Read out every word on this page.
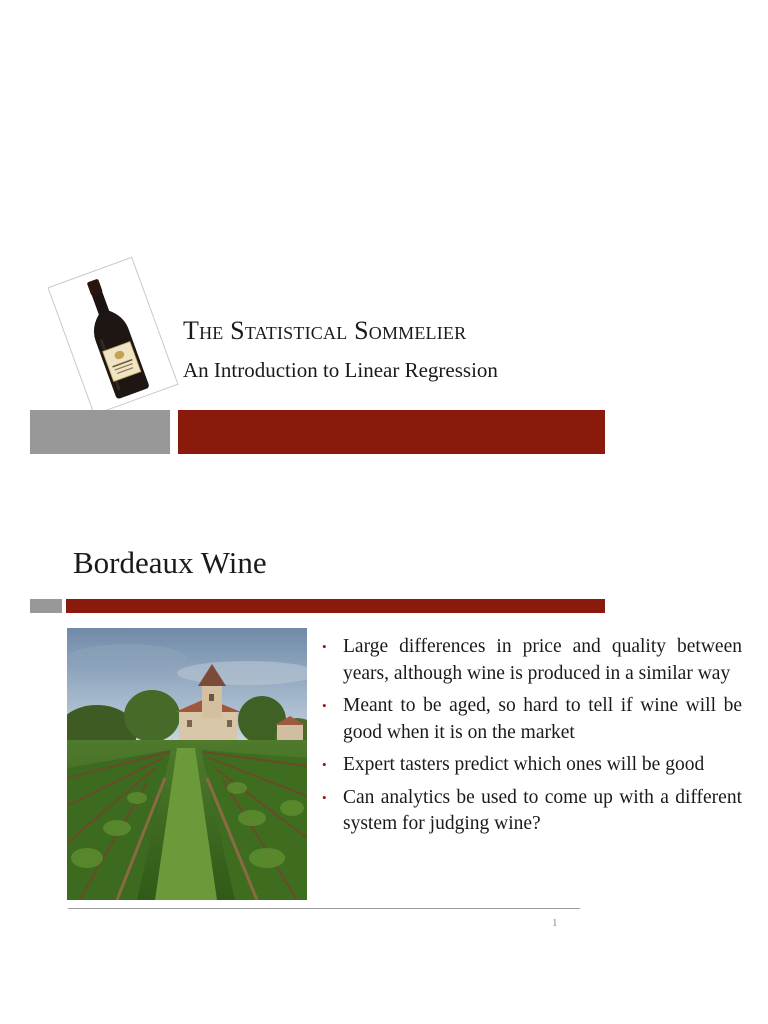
The Statistical Sommelier
An Introduction to Linear Regression
Bordeaux Wine
• Large differences in price and quality between years, although wine is produced in a similar way
• Meant to be aged, so hard to tell if wine will be good when it is on the market
• Expert tasters predict which ones will be good
• Can analytics be used to come up with a different system for judging wine?
1
